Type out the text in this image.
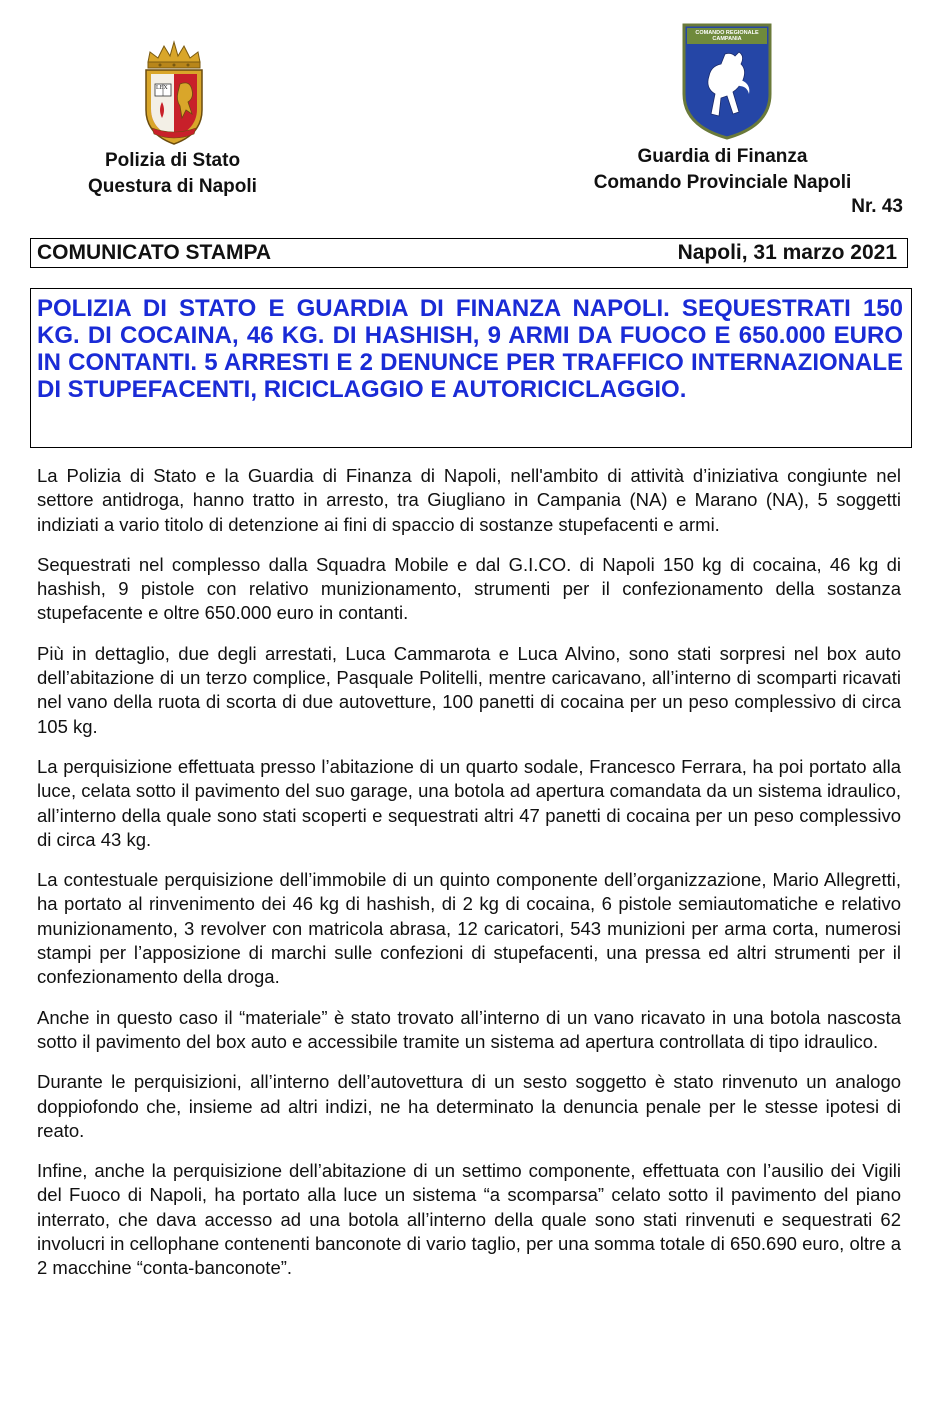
LEX
Polizia di Stato
Questura di Napoli
COMANDO REGIONALE CAMPANIA
Guardia di Finanza
Comando Provinciale Napoli
Nr. 43
COMUNICATO STAMPA	Napoli, 31 marzo 2021

POLIZIA DI STATO E GUARDIA DI FINANZA NAPOLI. SEQUESTRATI 150 KG. DI COCAINA, 46 KG. DI HASHISH, 9 ARMI DA FUOCO E 650.000 EURO IN CONTANTI. 5 ARRESTI E 2 DENUNCE PER TRAFFICO INTERNAZIONALE DI STUPEFACENTI, RICICLAGGIO E AUTORICICLAGGIO.

La Polizia di Stato e la Guardia di Finanza di Napoli, nell'ambito di attività d’iniziativa congiunte nel settore antidroga, hanno tratto in arresto, tra Giugliano in Campania (NA) e Marano (NA), 5 soggetti indiziati a vario titolo di detenzione ai fini di spaccio di sostanze stupefacenti e armi.

Sequestrati nel complesso dalla Squadra Mobile e dal G.I.CO. di Napoli 150 kg di cocaina, 46 kg di hashish, 9 pistole con relativo munizionamento, strumenti per il confezionamento della sostanza stupefacente e oltre 650.000 euro in contanti.

Più in dettaglio, due degli arrestati, Luca Cammarota e Luca Alvino, sono stati sorpresi nel box auto dell’abitazione di un terzo complice, Pasquale Politelli, mentre caricavano, all’interno di scomparti ricavati nel vano della ruota di scorta di due autovetture, 100 panetti di cocaina per un peso complessivo di circa 105 kg.

La perquisizione effettuata presso l’abitazione di un quarto sodale, Francesco Ferrara, ha poi portato alla luce, celata sotto il pavimento del suo garage, una botola ad apertura comandata da un sistema idraulico, all’interno della quale sono stati scoperti e sequestrati altri 47 panetti di cocaina per un peso complessivo di circa 43 kg.

La contestuale perquisizione dell’immobile di un quinto componente dell’organizzazione, Mario Allegretti, ha portato al rinvenimento dei 46 kg di hashish, di 2 kg di cocaina, 6 pistole semiautomatiche e relativo munizionamento, 3 revolver con matricola abrasa, 12 caricatori, 543 munizioni per arma corta, numerosi stampi per l’apposizione di marchi sulle confezioni di stupefacenti, una pressa ed altri strumenti per il confezionamento della droga.

Anche in questo caso il “materiale” è stato trovato all’interno di un vano ricavato in una botola nascosta sotto il pavimento del box auto e accessibile tramite un sistema ad apertura controllata di tipo idraulico.

Durante le perquisizioni, all’interno dell’autovettura di un sesto soggetto è stato rinvenuto un analogo doppiofondo che, insieme ad altri indizi, ne ha determinato la denuncia penale per le stesse ipotesi di reato.

Infine, anche la perquisizione dell’abitazione di un settimo componente, effettuata con l’ausilio dei Vigili del Fuoco di Napoli, ha portato alla luce un sistema “a scomparsa” celato sotto il pavimento del piano interrato, che dava accesso ad una botola all’interno della quale sono stati rinvenuti e sequestrati 62 involucri in cellophane contenenti banconote di vario taglio, per una somma totale di 650.690 euro, oltre a 2 macchine “conta-banconote”.
